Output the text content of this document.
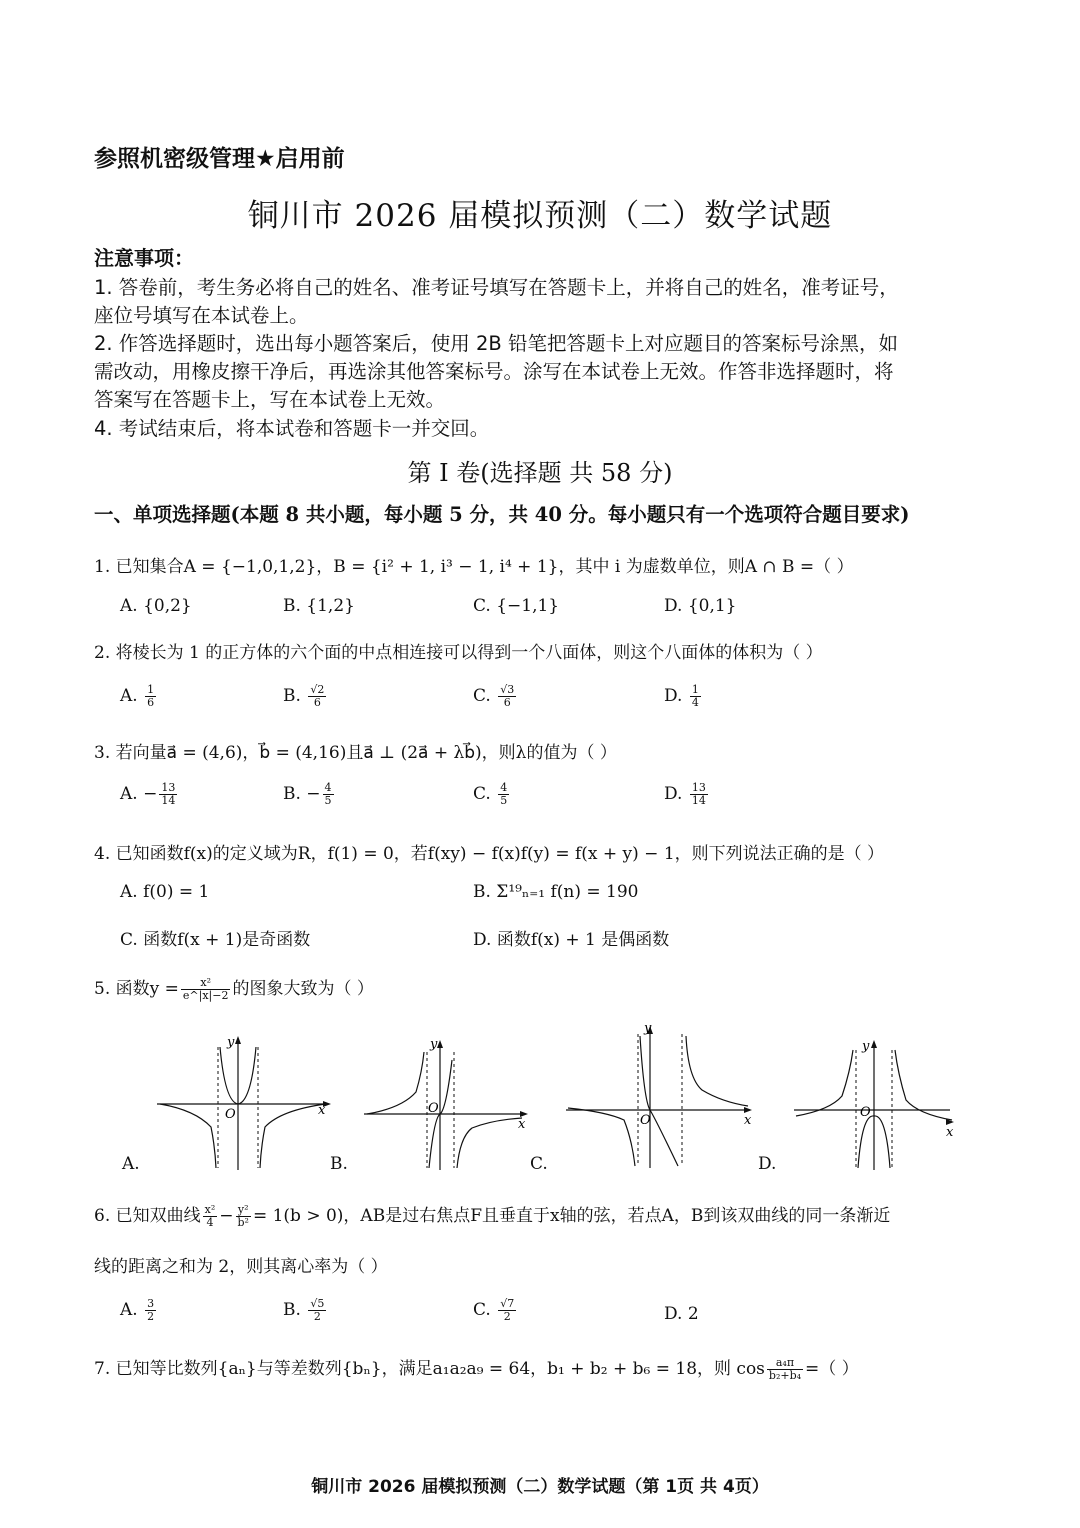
参照机密级管理★启用前
铜川市 2026 届模拟预测（二）数学试题
注意事项：
1. 答卷前，考生务必将自己的姓名、准考证号填写在答题卡上，并将自己的姓名，准考证号，
座位号填写在本试卷上。
2. 作答选择题时，选出每小题答案后，使用 2B 铅笔把答题卡上对应题目的答案标号涂黑，如
需改动，用橡皮擦干净后，再选涂其他答案标号。涂写在本试卷上无效。作答非选择题时，将
答案写在答题卡上，写在本试卷上无效。
4. 考试结束后，将本试卷和答题卡一并交回。
第 I 卷(选择题 共 58 分)
一、单项选择题(本题 8 共小题，每小题 5 分，共 40 分。每小题只有一个选项符合题目要求)
1. 已知集合A = {−1,0,1,2}，B = {i² + 1, i³ − 1, i⁴ + 1}，其中 i 为虚数单位，则A ∩ B =（ ）
A. {0,2}	B. {1,2}	C. {−1,1}	D. {0,1}
2. 将棱长为 1 的正方体的六个面的中点相连接可以得到一个八面体，则这个八面体的体积为（ ）
A. $\frac{1}{6}$	B. $\frac{√2}{6}$	C. $\frac{√3}{6}$	D. $\frac{1}{4}$
3. 若向量a⃗ = (4,6)，b⃗ = (4,16)且a⃗ ⊥ (2a⃗ + λb⃗)，则λ的值为（ ）
A. − $\frac{13}{14}$	B. − $\frac{4}{5}$	C. $\frac{4}{5}$	D. $\frac{13}{14}$
4. 已知函数f(x)的定义域为R，f(1) = 0，若f(xy) − f(x)f(y) = f(x + y) − 1，则下列说法正确的是（ ）
A. f(0) = 1	B. Σ¹⁹ₙ₌₁ f(n) = 190
C. 函数f(x + 1)是奇函数	D. 函数f(x) + 1 是偶函数
5. 函数$y = \frac{\text{x²}}{e\^{}|x|-2}$ 的图象大致为（ ）
y
x
O
y
x
O
y
x
O
y
x
O
A.	B.	C.	D.
6. 已知双曲线 $\frac{\text{x²}}{4} - \frac{\text{y²}}{\text{b²}} = 1(b > 0)$，AB是过右焦点F且垂直于x轴的弦，若点A，B到该双曲线的同一条渐近
线的距离之和为 2，则其离心率为（ ）
A. $\frac{3}{2}$	B. $\frac{√5}{2}$	C. $\frac{√7}{2}$	D. 2
7. 已知等比数列{aₙ}与等差数列{bₙ}，满足a₁a₂a₉ = 64，b₁ + b₂ + b₆ = 18，则 $\cos \frac{\text{a₄π}}{\text{b₂+b₄}}$ =（ ）
铜川市 2026 届模拟预测（二）数学试题（第 1页 共 4页）
